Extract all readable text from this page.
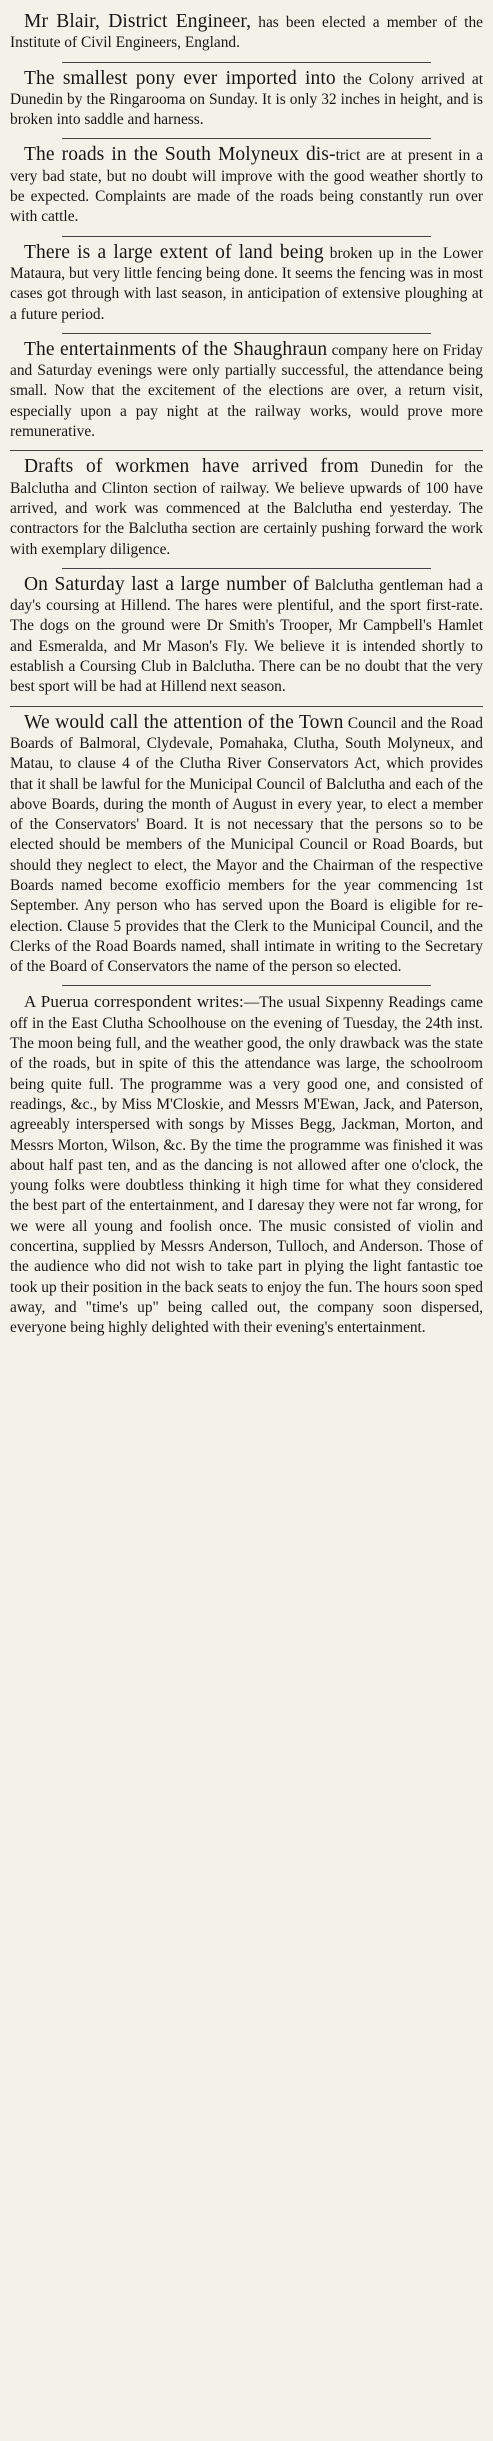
Mr Blair, District Engineer, has been elected a member of the Institute of Civil Engineers, England.

The smallest pony ever imported into the Colony arrived at Dunedin by the Ringarooma on Sunday. It is only 32 inches in height, and is broken into saddle and harness.

The roads in the South Molyneux dis-trict are at present in a very bad state, but no doubt will improve with the good weather shortly to be expected. Complaints are made of the roads being constantly run over with cattle.

There is a large extent of land being broken up in the Lower Mataura, but very little fencing being done. It seems the fencing was in most cases got through with last season, in anticipation of extensive ploughing at a future period.

The entertainments of the Shaughraun company here on Friday and Saturday evenings were only partially successful, the attendance being small. Now that the excitement of the elections are over, a return visit, especially upon a pay night at the railway works, would prove more remunerative.

Drafts of workmen have arrived from Dunedin for the Balclutha and Clinton section of railway. We believe upwards of 100 have arrived, and work was commenced at the Balclutha end yesterday. The contractors for the Balclutha section are certainly pushing forward the work with exemplary diligence.

On Saturday last a large number of Balclutha gentleman had a day's coursing at Hillend. The hares were plentiful, and the sport first-rate. The dogs on the ground were Dr Smith's Trooper, Mr Campbell's Hamlet and Esmeralda, and Mr Mason's Fly. We believe it is intended shortly to establish a Coursing Club in Balclutha. There can be no doubt that the very best sport will be had at Hillend next season.

We would call the attention of the Town Council and the Road Boards of Balmoral, Clydevale, Pomahaka, Clutha, South Molyneux, and Matau, to clause 4 of the Clutha River Conservators Act, which provides that it shall be lawful for the Municipal Council of Balclutha and each of the above Boards, during the month of August in every year, to elect a member of the Conservators' Board. It is not necessary that the persons so to be elected should be members of the Municipal Council or Road Boards, but should they neglect to elect, the Mayor and the Chairman of the respective Boards named become exofficio members for the year commencing 1st September. Any person who has served upon the Board is eligible for re-election. Clause 5 provides that the Clerk to the Municipal Council, and the Clerks of the Road Boards named, shall intimate in writing to the Secretary of the Board of Conservators the name of the person so elected.

A Puerua correspondent writes:—The usual Sixpenny Readings came off in the East Clutha Schoolhouse on the evening of Tuesday, the 24th inst. The moon being full, and the weather good, the only drawback was the state of the roads, but in spite of this the attendance was large, the schoolroom being quite full. The programme was a very good one, and consisted of readings, &c., by Miss M'Closkie, and Messrs M'Ewan, Jack, and Paterson, agreeably interspersed with songs by Misses Begg, Jackman, Morton, and Messrs Morton, Wilson, &c. By the time the programme was finished it was about half past ten, and as the dancing is not allowed after one o'clock, the young folks were doubtless thinking it high time for what they considered the best part of the entertainment, and I daresay they were not far wrong, for we were all young and foolish once. The music consisted of violin and concertina, supplied by Messrs Anderson, Tulloch, and Anderson. Those of the audience who did not wish to take part in plying the light fantastic toe took up their position in the back seats to enjoy the fun. The hours soon sped away, and "time's up" being called out, the company soon dispersed, everyone being highly delighted with their evening's entertainment.
